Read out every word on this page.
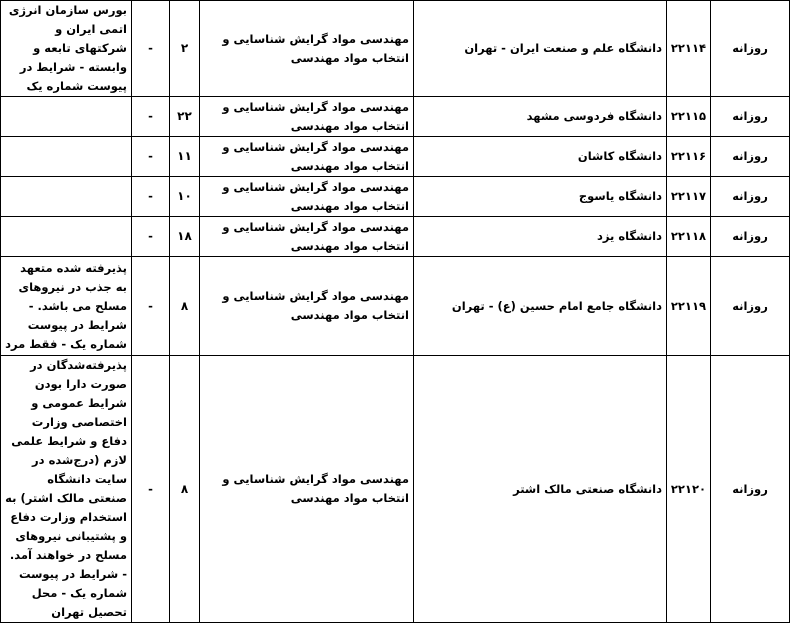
روزانه	۲۲۱۱۴	دانشگاه علم و صنعت ایران - تهران	مهندسی مواد گرایش شناسایی و انتخاب مواد مهندسی	۲	-	بورس سازمان انرژی اتمی ایران و شرکتهای تابعه و وابسته - شرایط در پیوست شماره یک
روزانه	۲۲۱۱۵	دانشگاه فردوسی مشهد	مهندسی مواد گرایش شناسایی و انتخاب مواد مهندسی	۲۲	-	
روزانه	۲۲۱۱۶	دانشگاه کاشان	مهندسی مواد گرایش شناسایی و انتخاب مواد مهندسی	۱۱	-	
روزانه	۲۲۱۱۷	دانشگاه یاسوج	مهندسی مواد گرایش شناسایی و انتخاب مواد مهندسی	۱۰	-	
روزانه	۲۲۱۱۸	دانشگاه یزد	مهندسی مواد گرایش شناسایی و انتخاب مواد مهندسی	۱۸	-	
روزانه	۲۲۱۱۹	دانشگاه جامع امام حسین (ع) - تهران	مهندسی مواد گرایش شناسایی و انتخاب مواد مهندسی	۸	-	پذیرفته شده متعهد به جذب در نیروهای مسلح می باشد. - شرایط در پیوست شماره یک - فقط مرد
روزانه	۲۲۱۲۰	دانشگاه صنعتی مالک اشتر	مهندسی مواد گرایش شناسایی و انتخاب مواد مهندسی	۸	-	پذیرفته‌شدگان در صورت دارا بودن شرایط عمومی و اختصاصی وزارت دفاع و شرایط علمی لازم (درج‌شده در سایت دانشگاه صنعتی مالک اشتر) به استخدام وزارت دفاع و پشتیبانی نیروهای مسلح در خواهند آمد. - شرایط در پیوست شماره یک - محل تحصیل تهران
